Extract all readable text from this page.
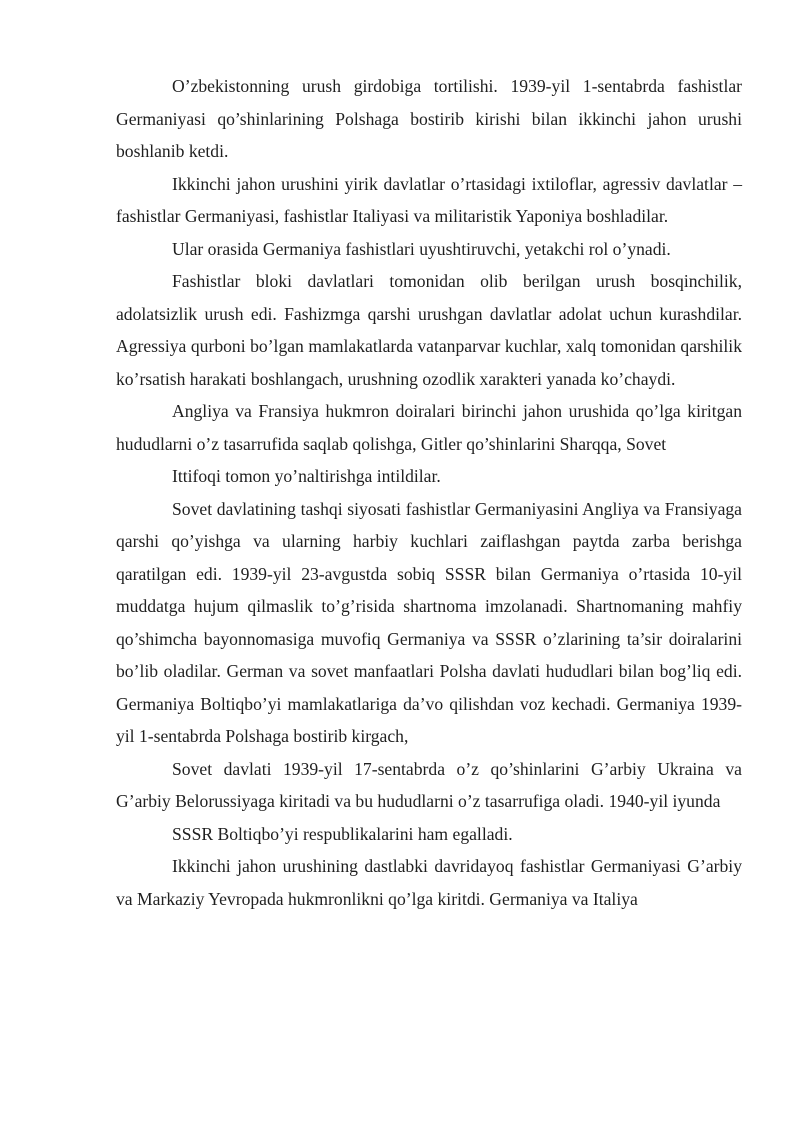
O’zbekistonning urush girdobiga tortilishi. 1939-yil 1-sentabrda fashistlar Germaniyasi qo’shinlarining Polshaga bostirib kirishi bilan ikkinchi jahon urushi boshlanib ketdi.

Ikkinchi jahon urushini yirik davlatlar o’rtasidagi ixtiloflar, agressiv davlatlar – fashistlar Germaniyasi, fashistlar Italiyasi va militaristik Yaponiya boshladilar.

Ular orasida Germaniya fashistlari uyushtiruvchi, yetakchi rol o’ynadi.

Fashistlar bloki davlatlari tomonidan olib berilgan urush bosqinchilik, adolatsizlik urush edi. Fashizmga qarshi urushgan davlatlar adolat uchun kurashdilar. Agressiya qurboni bo’lgan mamlakatlarda vatanparvar kuchlar, xalq tomonidan qarshilik ko’rsatish harakati boshlangach, urushning ozodlik xarakteri yanada ko’chaydi.

Angliya va Fransiya hukmron doiralari birinchi jahon urushida qo’lga kiritgan hududlarni o’z tasarrufida saqlab qolishga, Gitler qo’shinlarini Sharqqa, Sovet

Ittifoqi tomon yo’naltirishga intildilar.

Sovet davlatining tashqi siyosati fashistlar Germaniyasini Angliya va Fransiyaga qarshi qo’yishga va ularning harbiy kuchlari zaiflashgan paytda zarba berishga qaratilgan edi. 1939-yil 23-avgustda sobiq SSSR bilan Germaniya o’rtasida 10-yil muddatga hujum qilmaslik to’g’risida shartnoma imzolanadi. Shartnomaning mahfiy qo’shimcha bayonnomasiga muvofiq Germaniya va SSSR o’zlarining ta’sir doiralarini bo’lib oladilar. German va sovet manfaatlari Polsha davlati hududlari bilan bog’liq edi. Germaniya Boltiqbo’yi mamlakatlariga da’vo qilishdan voz kechadi. Germaniya 1939-yil 1-sentabrda Polshaga bostirib kirgach,

Sovet davlati 1939-yil 17-sentabrda o’z qo’shinlarini G’arbiy Ukraina va G’arbiy Belorussiyaga kiritadi va bu hududlarni o’z tasarrufiga oladi. 1940-yil iyunda

SSSR Boltiqbo’yi respublikalarini ham egalladi.

Ikkinchi jahon urushining dastlabki davridayoq fashistlar Germaniyasi G’arbiy va Markaziy Yevropada hukmronlikni qo’lga kiritdi. Germaniya va Italiya
